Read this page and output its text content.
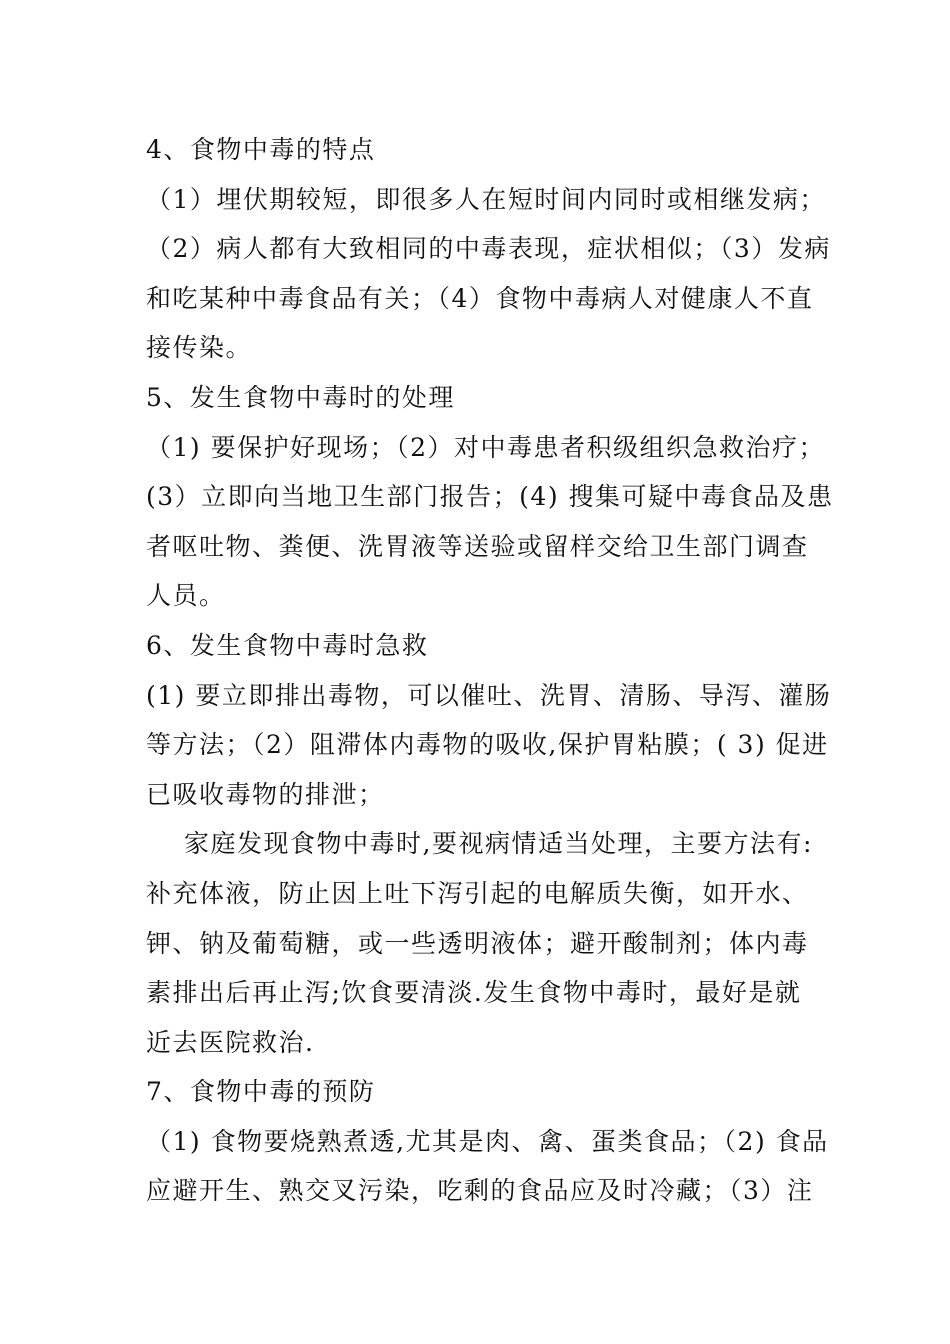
4、食物中毒的特点
（1）埋伏期较短，即很多人在短时间内同时或相继发病；
（2）病人都有大致相同的中毒表现，症状相似；（3）发病
和吃某种中毒食品有关；（4）食物中毒病人对健康人不直
接传染。
5、发生食物中毒时的处理
（1) 要保护好现场；（2）对中毒患者积级组织急救治疗；
(3）立即向当地卫生部门报告；(4) 搜集可疑中毒食品及患
者呕吐物、粪便、洗胃液等送验或留样交给卫生部门调查
人员。
6、发生食物中毒时急救
(1) 要立即排出毒物，可以催吐、洗胃、清肠、导泻、灌肠
等方法；（2）阻滞体内毒物的吸收,保护胃粘膜；( 3) 促进
已吸收毒物的排泄；
家庭发现食物中毒时,要视病情适当处理，主要方法有:
补充体液，防止因上吐下泻引起的电解质失衡，如开水、
钾、钠及葡萄糖，或一些透明液体；避开酸制剂；体内毒
素排出后再止泻;饮食要清淡.发生食物中毒时，最好是就
近去医院救治.
7、食物中毒的预防
（1) 食物要烧熟煮透,尤其是肉、禽、蛋类食品；（2) 食品
应避开生、熟交叉污染，吃剩的食品应及时冷藏；（3）注
